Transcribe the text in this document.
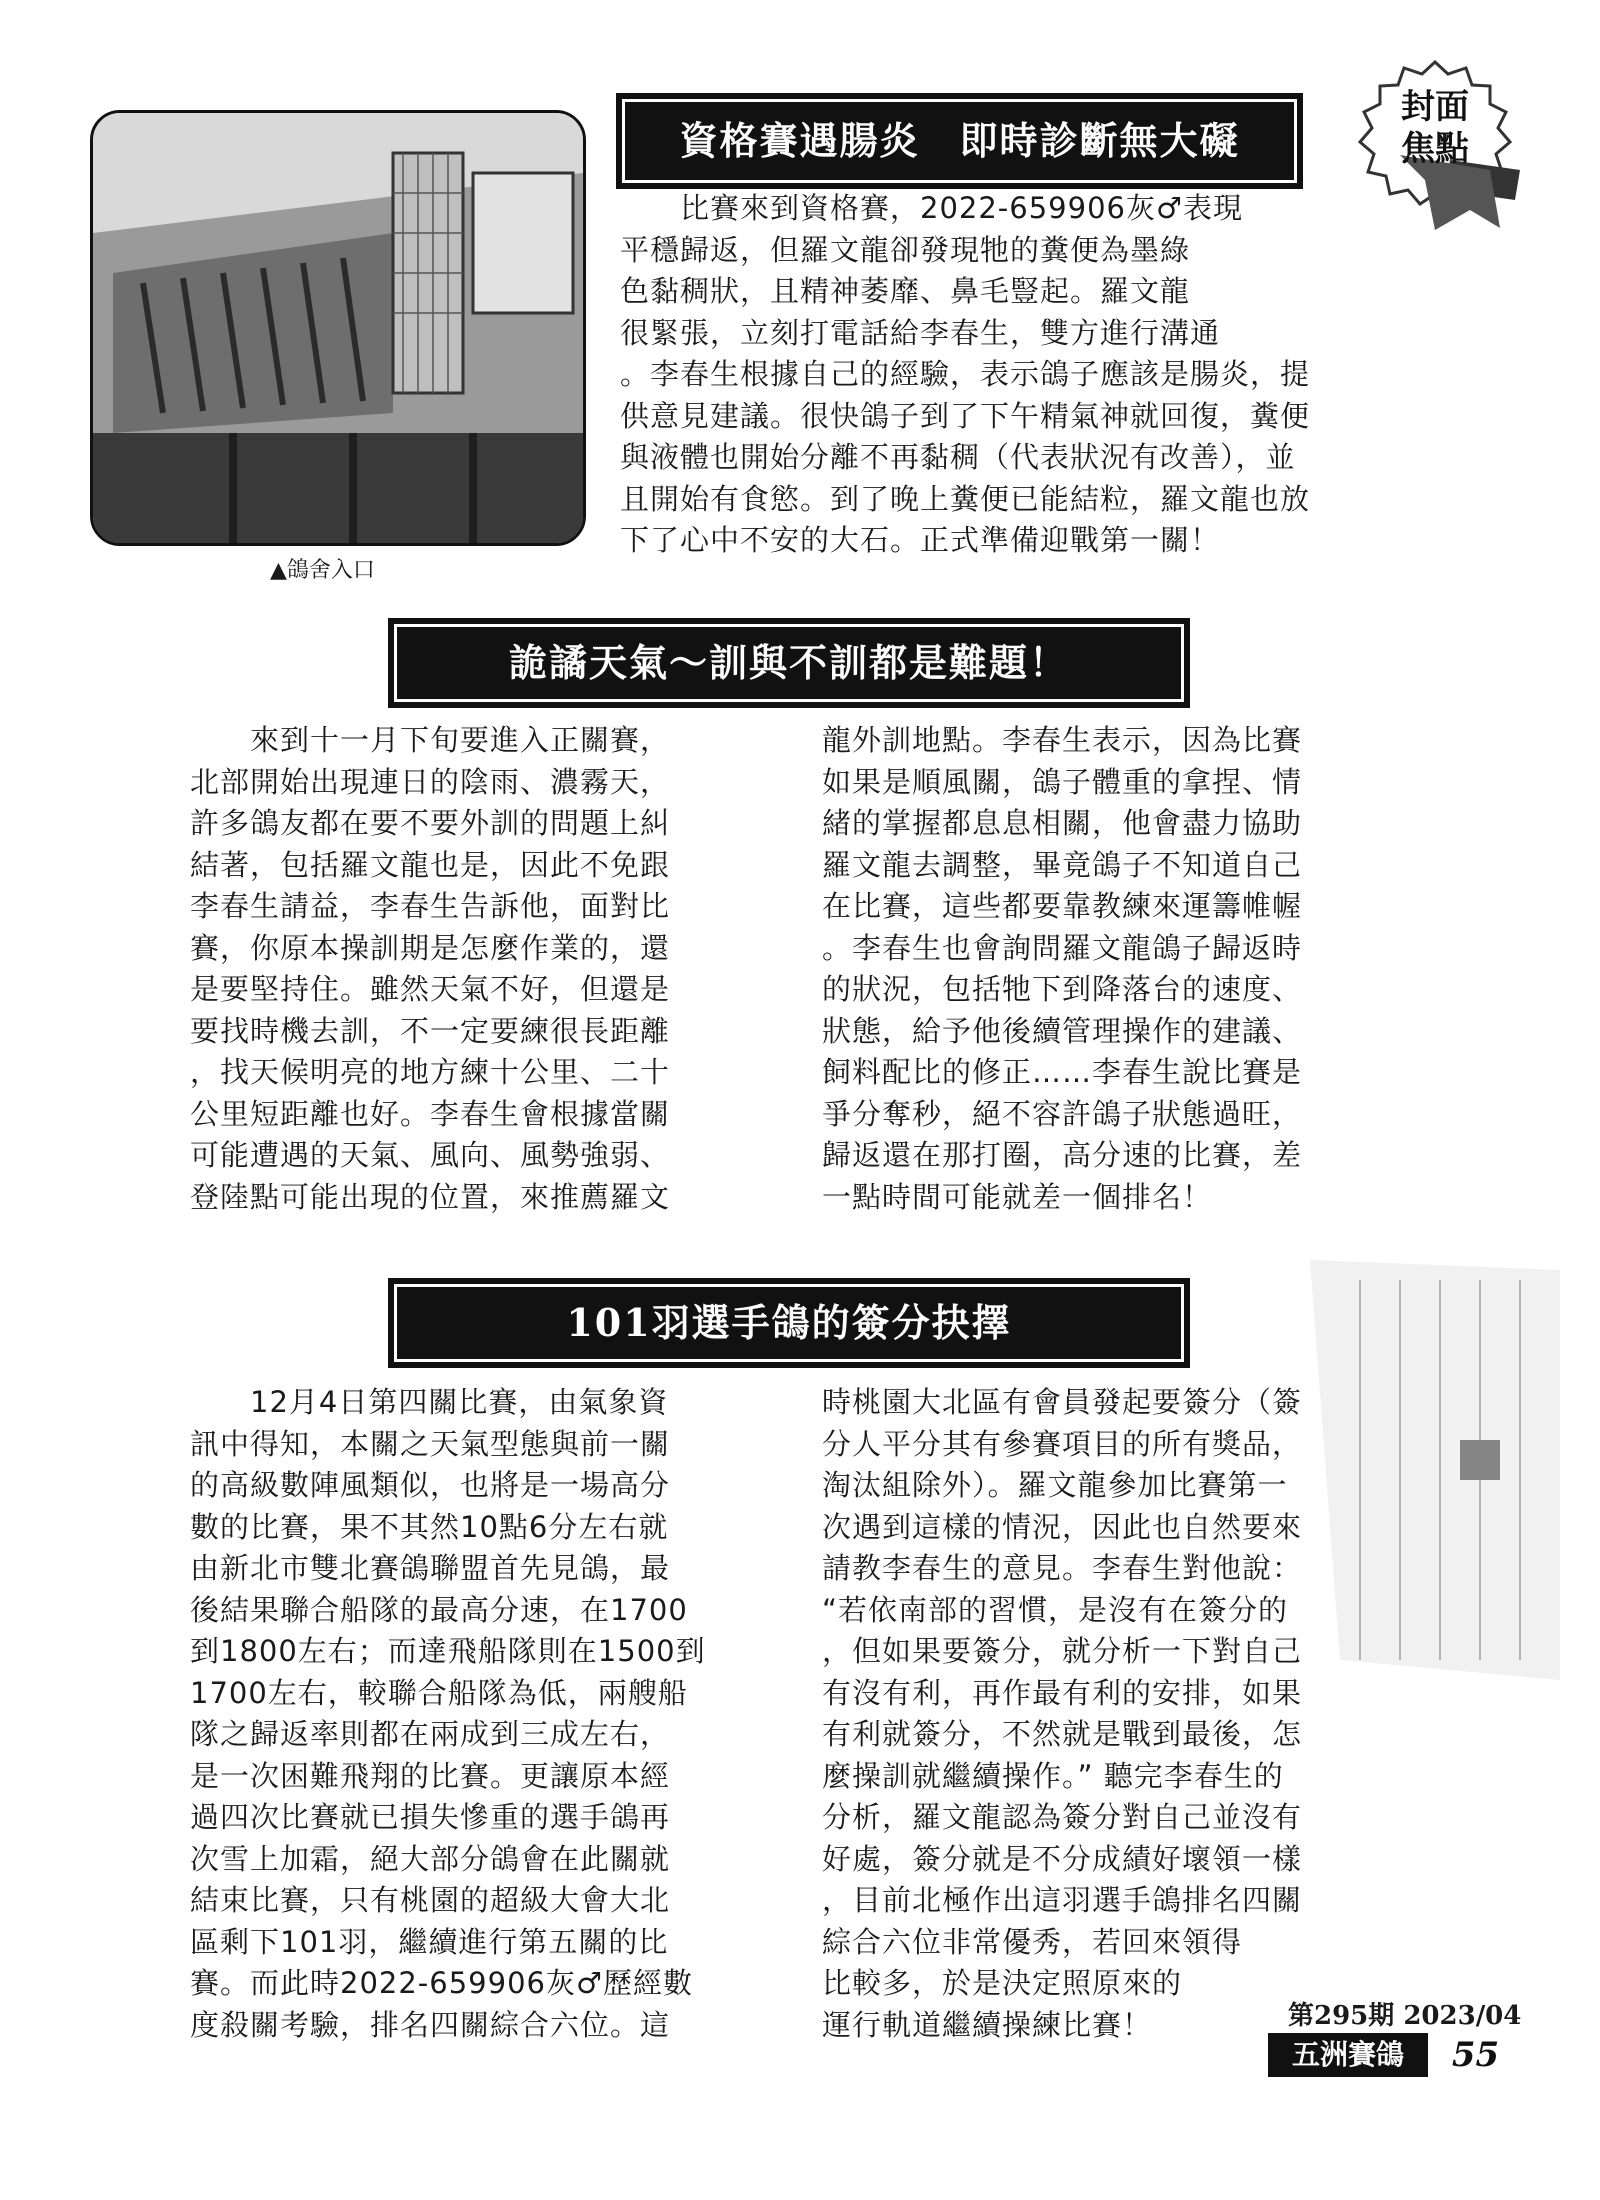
▲鴿舍入口
資格賽遇腸炎　即時診斷無大礙
　　比賽來到資格賽，2022-659906灰♂表現
平穩歸返，但羅文龍卻發現牠的糞便為墨綠
色黏稠狀，且精神萎靡、鼻毛豎起。羅文龍
很緊張，立刻打電話給李春生，雙方進行溝通
。李春生根據自己的經驗，表示鴿子應該是腸炎，提
供意見建議。很快鴿子到了下午精氣神就回復，糞便
與液體也開始分離不再黏稠（代表狀況有改善），並
且開始有食慾。到了晚上糞便已能結粒，羅文龍也放
下了心中不安的大石。正式準備迎戰第一關！
封面
焦點
詭譎天氣～訓與不訓都是難題！
　　來到十一月下旬要進入正關賽，
北部開始出現連日的陰雨、濃霧天，
許多鴿友都在要不要外訓的問題上糾
結著，包括羅文龍也是，因此不免跟
李春生請益，李春生告訴他，面對比
賽，你原本操訓期是怎麼作業的，還
是要堅持住。雖然天氣不好，但還是
要找時機去訓，不一定要練很長距離
，找天候明亮的地方練十公里、二十
公里短距離也好。李春生會根據當關
可能遭遇的天氣、風向、風勢強弱、
登陸點可能出現的位置，來推薦羅文
龍外訓地點。李春生表示，因為比賽
如果是順風關，鴿子體重的拿捏、情
緒的掌握都息息相關，他會盡力協助
羅文龍去調整，畢竟鴿子不知道自己
在比賽，這些都要靠教練來運籌帷幄
。李春生也會詢問羅文龍鴿子歸返時
的狀況，包括牠下到降落台的速度、
狀態，給予他後續管理操作的建議、
飼料配比的修正……李春生說比賽是
爭分奪秒，絕不容許鴿子狀態過旺，
歸返還在那打圈，高分速的比賽，差
一點時間可能就差一個排名！
101羽選手鴿的簽分抉擇
　　12月4日第四關比賽，由氣象資
訊中得知，本關之天氣型態與前一關
的高級數陣風類似，也將是一場高分
數的比賽，果不其然10點6分左右就
由新北市雙北賽鴿聯盟首先見鴿，最
後結果聯合船隊的最高分速，在1700
到1800左右；而達飛船隊則在1500到
1700左右，較聯合船隊為低，兩艘船
隊之歸返率則都在兩成到三成左右，
是一次困難飛翔的比賽。更讓原本經
過四次比賽就已損失慘重的選手鴿再
次雪上加霜，絕大部分鴿會在此關就
結束比賽，只有桃園的超級大會大北
區剩下101羽，繼續進行第五關的比
賽。而此時2022-659906灰♂歷經數
度殺關考驗，排名四關綜合六位。這
時桃園大北區有會員發起要簽分（簽
分人平分其有參賽項目的所有獎品，
淘汰組除外）。羅文龍參加比賽第一
次遇到這樣的情況，因此也自然要來
請教李春生的意見。李春生對他說：
“若依南部的習慣，是沒有在簽分的
，但如果要簽分，就分析一下對自己
有沒有利，再作最有利的安排，如果
有利就簽分，不然就是戰到最後，怎
麼操訓就繼續操作。” 聽完李春生的
分析，羅文龍認為簽分對自己並沒有
好處，簽分就是不分成績好壞領一樣
，目前北極作出這羽選手鴿排名四關
綜合六位非常優秀，若回來領得
比較多，於是決定照原來的
運行軌道繼續操練比賽！	第295期 2023/04
五洲賽鴿	55
